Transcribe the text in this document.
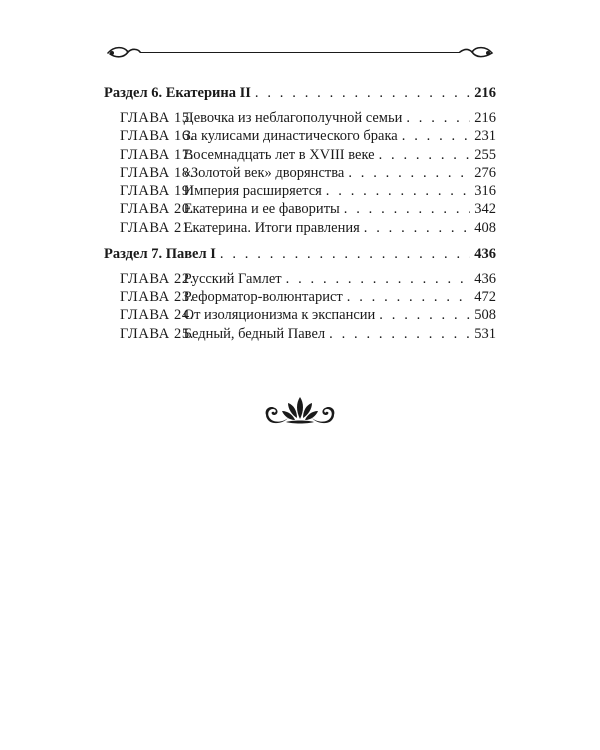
Раздел 6. Екатерина II . . .	216
ГЛАВА 15. Девочка из неблагополучной семьи . . .	216
ГЛАВА 16. За кулисами династического брака . . .	231
ГЛАВА 17. Восемнадцать лет в XVIII веке . . .	255
ГЛАВА 18. «Золотой век» дворянства . . .	276
ГЛАВА 19. Империя расширяется . . .	316
ГЛАВА 20. Екатерина и ее фавориты . . .	342
ГЛАВА 21. Екатерина. Итоги правления . . .	408
Раздел 7. Павел I . . .	436
ГЛАВА 22. Русский Гамлет . . .	436
ГЛАВА 23. Реформатор-волюнтарист . . .	472
ГЛАВА 24. От изоляционизма к экспансии . . .	508
ГЛАВА 25. Бедный, бедный Павел . . .	531
